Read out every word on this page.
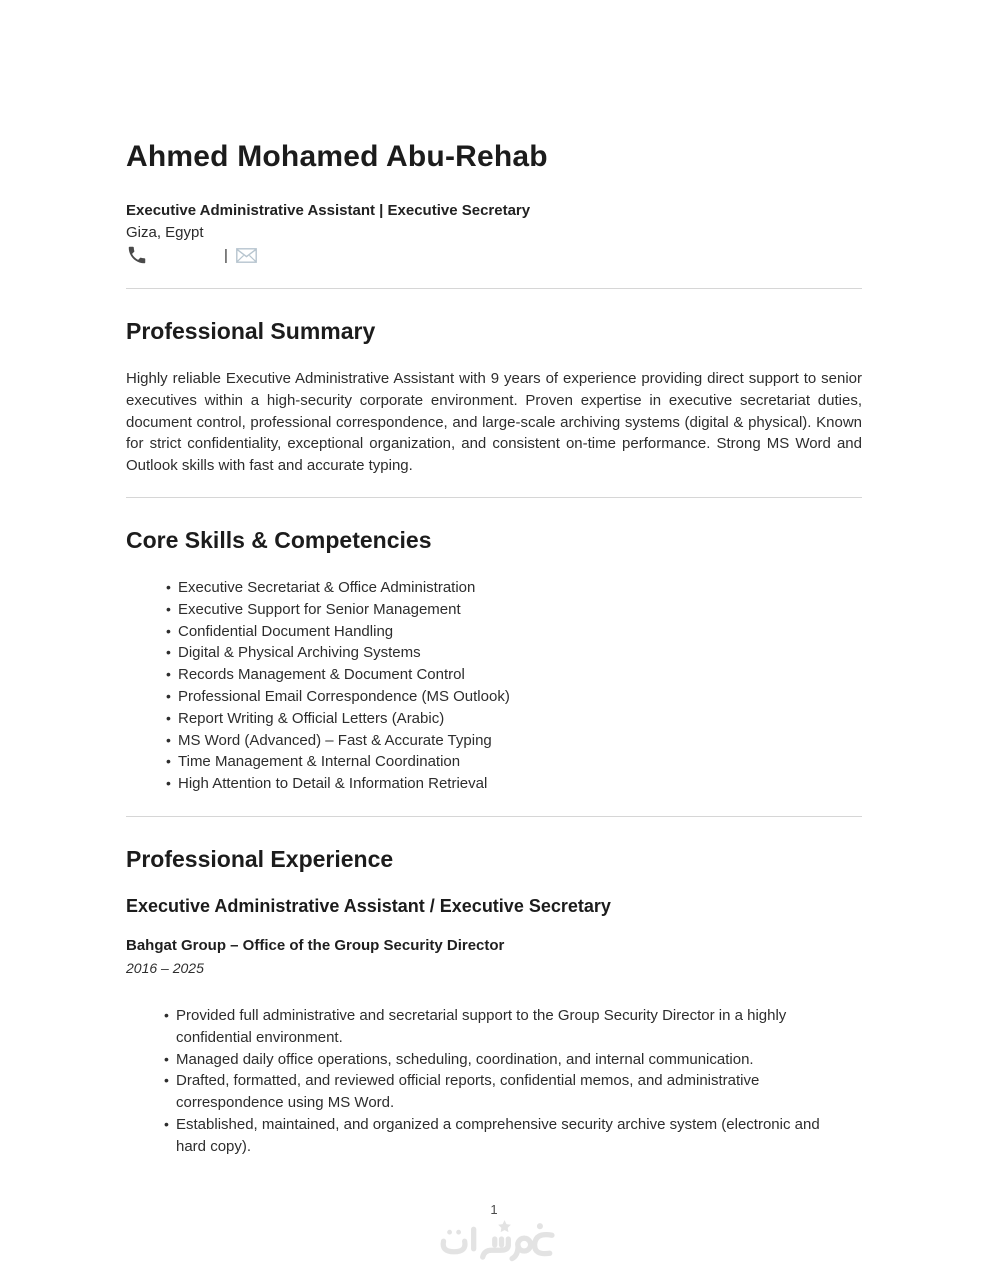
Ahmed Mohamed Abu-Rehab
Executive Administrative Assistant | Executive Secretary
Giza, Egypt
|
Professional Summary

Highly reliable Executive Administrative Assistant with 9 years of experience providing direct support to senior executives within a high-security corporate environment. Proven expertise in executive secretariat duties, document control, professional correspondence, and large-scale archiving systems (digital & physical). Known for strict confidentiality, exceptional organization, and consistent on-time performance. Strong MS Word and Outlook skills with fast and accurate typing.

Core Skills & Competencies
• Executive Secretariat & Office Administration
• Executive Support for Senior Management
• Confidential Document Handling
• Digital & Physical Archiving Systems
• Records Management & Document Control
• Professional Email Correspondence (MS Outlook)
• Report Writing & Official Letters (Arabic)
• MS Word (Advanced) – Fast & Accurate Typing
• Time Management & Internal Coordination
• High Attention to Detail & Information Retrieval
Professional Experience
Executive Administrative Assistant / Executive Secretary
Bahgat Group – Office of the Group Security Director
2016 – 2025
• Provided full administrative and secretarial support to the Group Security Director in a highly confidential environment.
• Managed daily office operations, scheduling, coordination, and internal communication.
• Drafted, formatted, and reviewed official reports, confidential memos, and administrative correspondence using MS Word.
• Established, maintained, and organized a comprehensive security archive system (electronic and hard copy).
1
